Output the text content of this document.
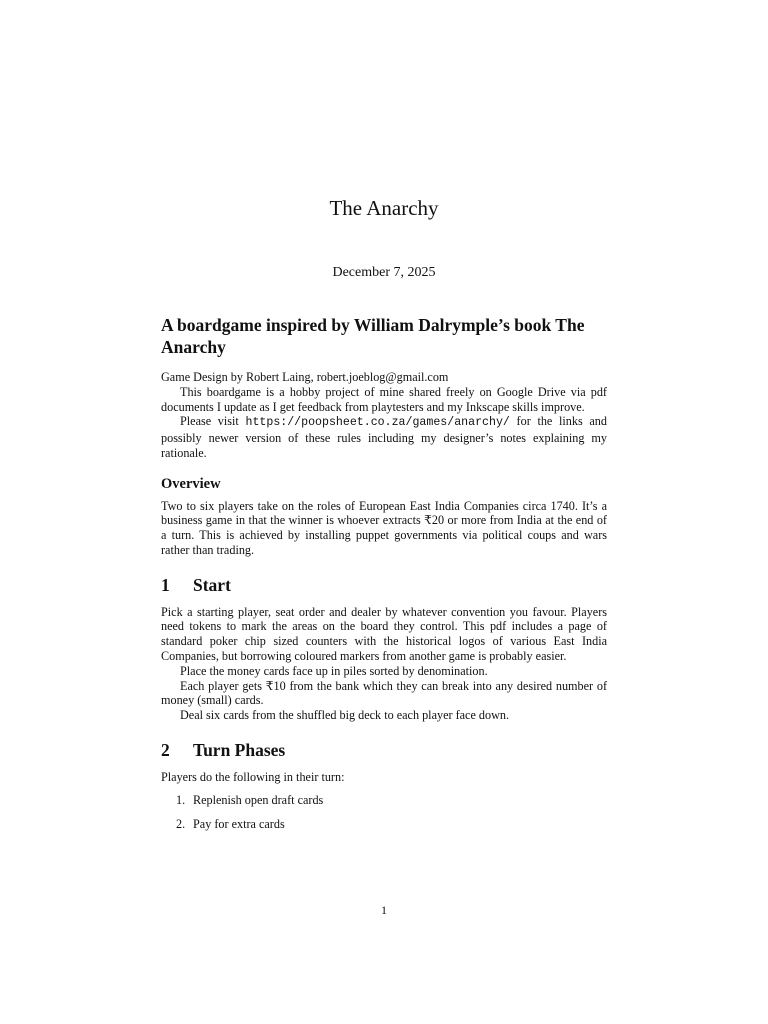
The Anarchy
December 7, 2025
A boardgame inspired by William Dalrymple’s book The Anarchy

Game Design by Robert Laing, robert.joeblog@gmail.com

This boardgame is a hobby project of mine shared freely on Google Drive via pdf documents I update as I get feedback from playtesters and my Inkscape skills improve.

Please visit https://poopsheet.co.za/games/anarchy/ for the links and possibly newer version of these rules including my designer’s notes explaining my rationale.

Overview

Two to six players take on the roles of European East India Companies circa 1740. It’s a business game in that the winner is whoever extracts ₹20 or more from India at the end of a turn. This is achieved by installing puppet governments via political coups and wars rather than trading.

1 Start

Pick a starting player, seat order and dealer by whatever convention you favour. Players need tokens to mark the areas on the board they control. This pdf includes a page of standard poker chip sized counters with the historical logos of various East India Companies, but borrowing coloured markers from another game is probably easier.

Place the money cards face up in piles sorted by denomination.

Each player gets ₹10 from the bank which they can break into any desired number of money (small) cards.

Deal six cards from the shuffled big deck to each player face down.

2 Turn Phases

Players do the following in their turn:

1. Replenish open draft cards
2. Pay for extra cards
1
